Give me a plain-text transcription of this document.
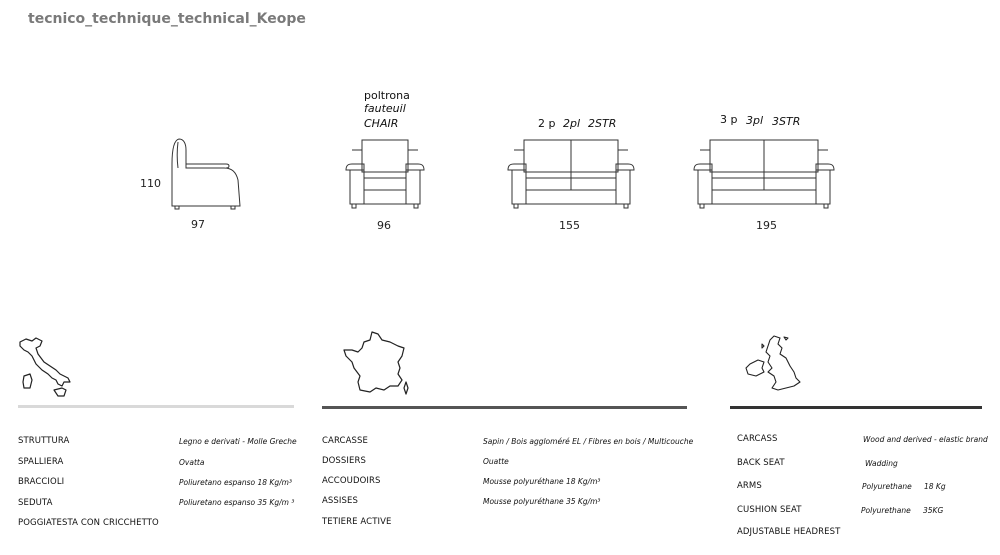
tecnico_technique_technical_Keope
110
97
poltrona
fauteuil
CHAIR
96
2 p 2pl 2STR
155
3 p 3pl 3STR
195
STRUTTURA	Legno e derivati - Molle Greche
SPALLIERA	Ovatta
BRACCIOLI	Poliuretano espanso 18 Kg/m³
SEDUTA	Poliuretano espanso 35 Kg/m ³
POGGIATESTA CON CRICCHETTO
CARCASSE	Sapin / Bois aggloméré EL / Fibres en bois / Multicouche
DOSSIERS	Ouatte
ACCOUDOIRS	Mousse polyuréthane 18 Kg/m³
ASSISES	Mousse polyuréthane 35 Kg/m³
TETIERE ACTIVE
CARCASS	Wood and derived - elastic brand
BACK SEAT	Wadding
ARMS	Polyurethane 18 Kg
CUSHION SEAT	Polyurethane 35KG
ADJUSTABLE HEADREST
